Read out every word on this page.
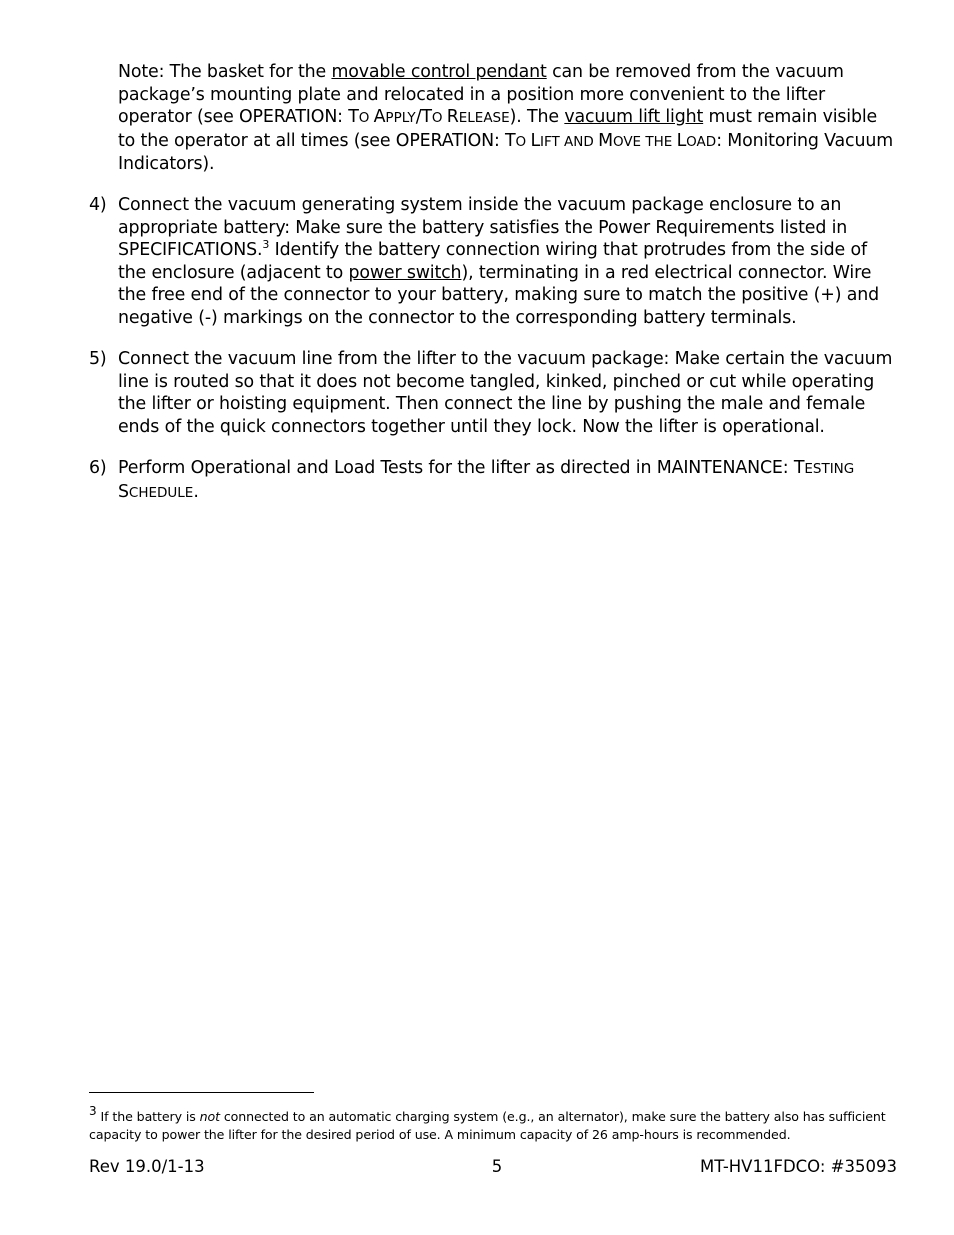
Note: The basket for the movable control pendant can be removed from the vacuum package’s mounting plate and relocated in a position more convenient to the lifter operator (see OPERATION: TO APPLY/TO RELEASE). The vacuum lift light must remain visible to the operator at all times (see OPERATION: TO LIFT AND MOVE THE LOAD: Monitoring Vacuum Indicators).
4) Connect the vacuum generating system inside the vacuum package enclosure to an appropriate battery: Make sure the battery satisfies the Power Requirements listed in SPECIFICATIONS.$^3$ Identify the battery connection wiring that protrudes from the side of the enclosure (adjacent to power switch), terminating in a red electrical connector. Wire the free end of the connector to your battery, making sure to match the positive (+) and negative (-) markings on the connector to the corresponding battery terminals.
5) Connect the vacuum line from the lifter to the vacuum package: Make certain the vacuum line is routed so that it does not become tangled, kinked, pinched or cut while operating the lifter or hoisting equipment. Then connect the line by pushing the male and female ends of the quick connectors together until they lock. Now the lifter is operational.
6) Perform Operational and Load Tests for the lifter as directed in MAINTENANCE: TESTING SCHEDULE.
3 If the battery is not connected to an automatic charging system (e.g., an alternator), make sure the battery also has sufficient capacity to power the lifter for the desired period of use. A minimum capacity of 26 amp-hours is recommended.
Rev 19.0/1-13	5	MT-HV11FDCO: #35093
